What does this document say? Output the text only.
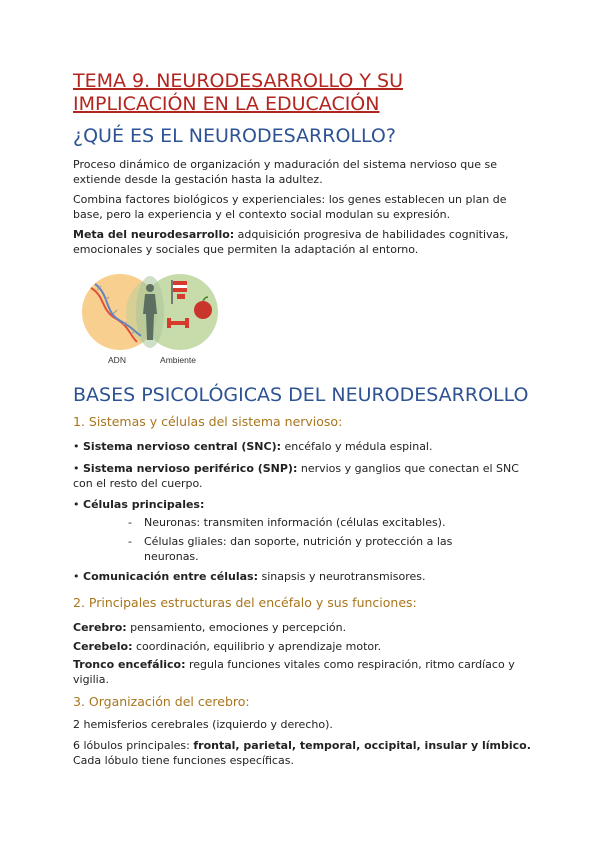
TEMA 9. NEURODESARROLLO Y SU
IMPLICACIÓN EN LA EDUCACIÓN
¿QUÉ ES EL NEURODESARROLLO?

Proceso dinámico de organización y maduración del sistema nervioso que se extiende desde la gestación hasta la adultez.

Combina factores biológicos y experienciales: los genes establecen un plan de base, pero la experiencia y el contexto social modulan su expresión.

Meta del neurodesarrollo: adquisición progresiva de habilidades cognitivas, emocionales y sociales que permiten la adaptación al entorno.

ADN	Ambiente
BASES PSICOLÓGICAS DEL NEURODESARROLLO
1. Sistemas y células del sistema nervioso:

• Sistema nervioso central (SNC): encéfalo y médula espinal.

• Sistema nervioso periférico (SNP): nervios y ganglios que conectan el SNC con el resto del cuerpo.

• Células principales:

- Neuronas: transmiten información (células excitables).
- Células gliales: dan soporte, nutrición y protección a las neuronas.

• Comunicación entre células: sinapsis y neurotransmisores.

2. Principales estructuras del encéfalo y sus funciones:

Cerebro: pensamiento, emociones y percepción.

Cerebelo: coordinación, equilibrio y aprendizaje motor.

Tronco encefálico: regula funciones vitales como respiración, ritmo cardíaco y vigilia.

3. Organización del cerebro:

2 hemisferios cerebrales (izquierdo y derecho).

6 lóbulos principales: frontal, parietal, temporal, occipital, insular y límbico. Cada lóbulo tiene funciones específicas.
